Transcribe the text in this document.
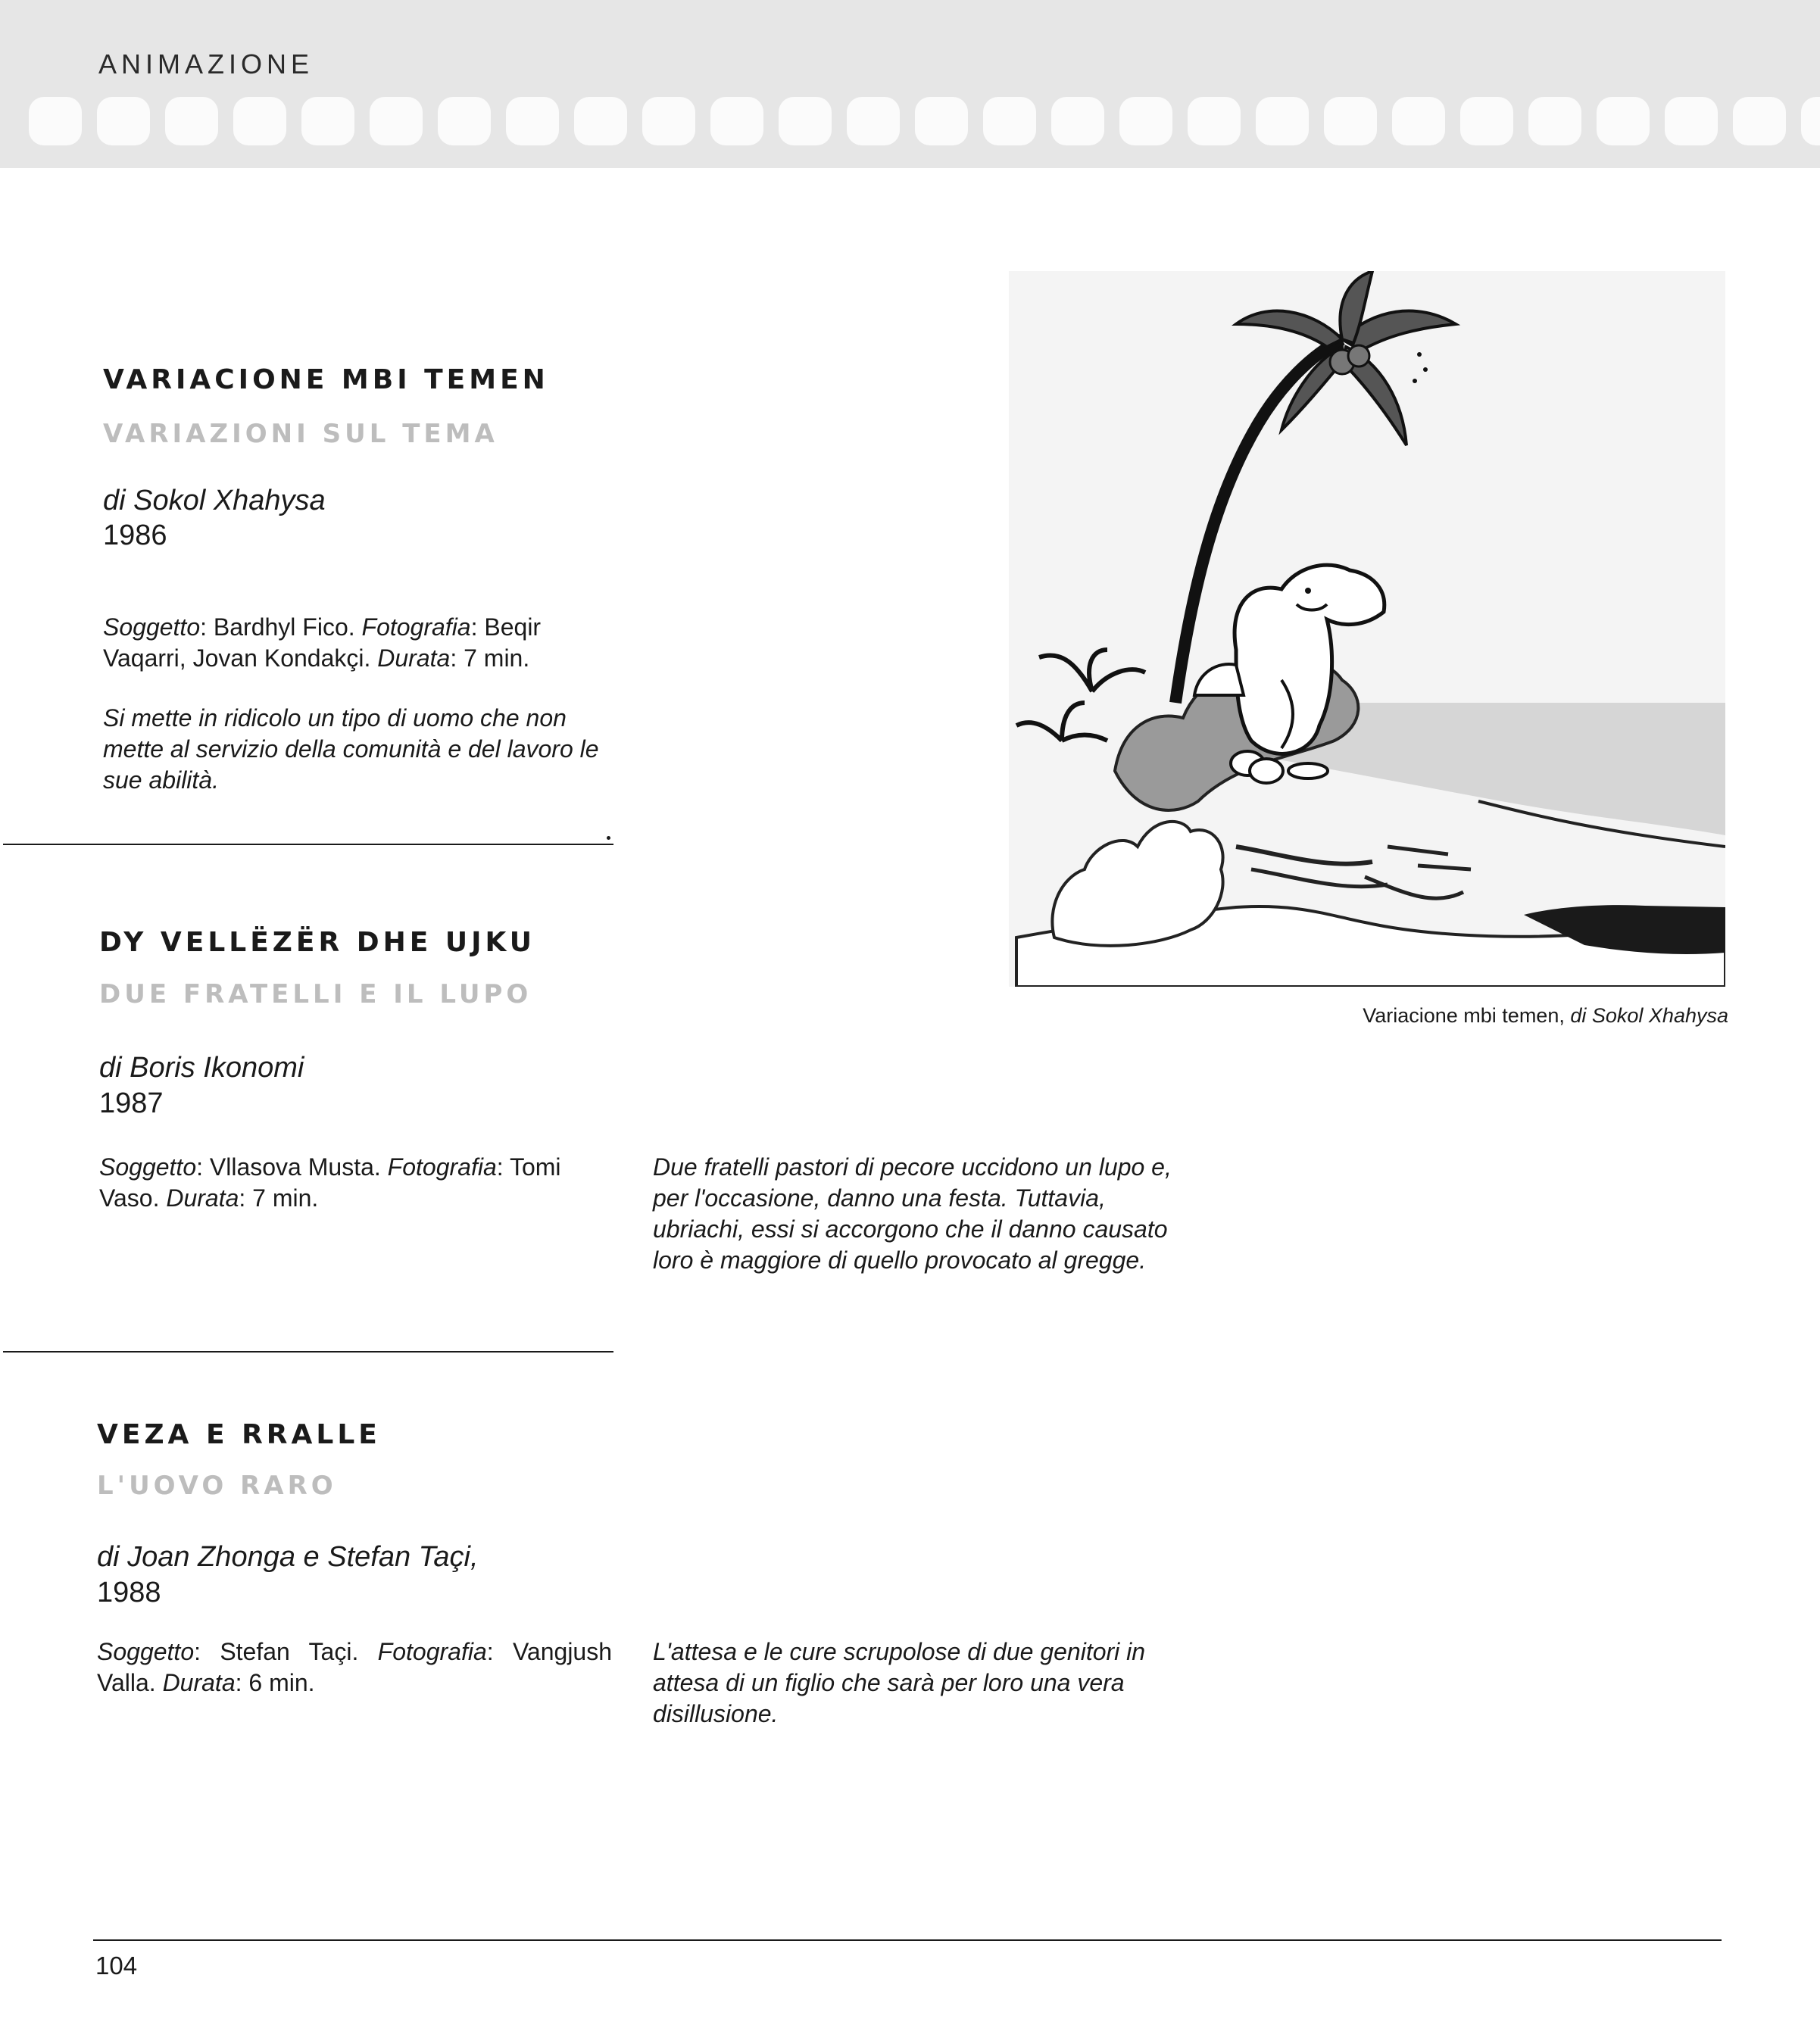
ANIMAZIONE
VARIACIONE MBI TEMEN
VARIAZIONI SUL TEMA
di Sokol Xhahysa
1986
Soggetto: Bardhyl Fico. Fotografia: Beqir Vaqarri, Jovan Kondakçi. Durata: 7 min.
Si mette in ridicolo un tipo di uomo che non mette al servizio della comunità e del lavoro le sue abilità.
DY VELLËZËR DHE UJKU
DUE FRATELLI E IL LUPO
di Boris Ikonomi
1987
Soggetto: Vllasova Musta. Fotografia: Tomi Vaso. Durata: 7 min.
Due fratelli pastori di pecore uccidono un lupo e, per l'occasione, danno una festa. Tuttavia, ubriachi, essi si accorgono che il danno causato loro è maggiore di quello provocato al gregge.
VEZA E RRALLE
L'UOVO RARO
di Joan Zhonga e Stefan Taçi,
1988
Soggetto: Stefan Taçi. Fotografia: Vangjush Valla. Durata: 6 min.
L'attesa e le cure scrupolose di due genitori in attesa di un figlio che sarà per loro una vera disillusione.
Variacione mbi temen, di Sokol Xhahysa
104
